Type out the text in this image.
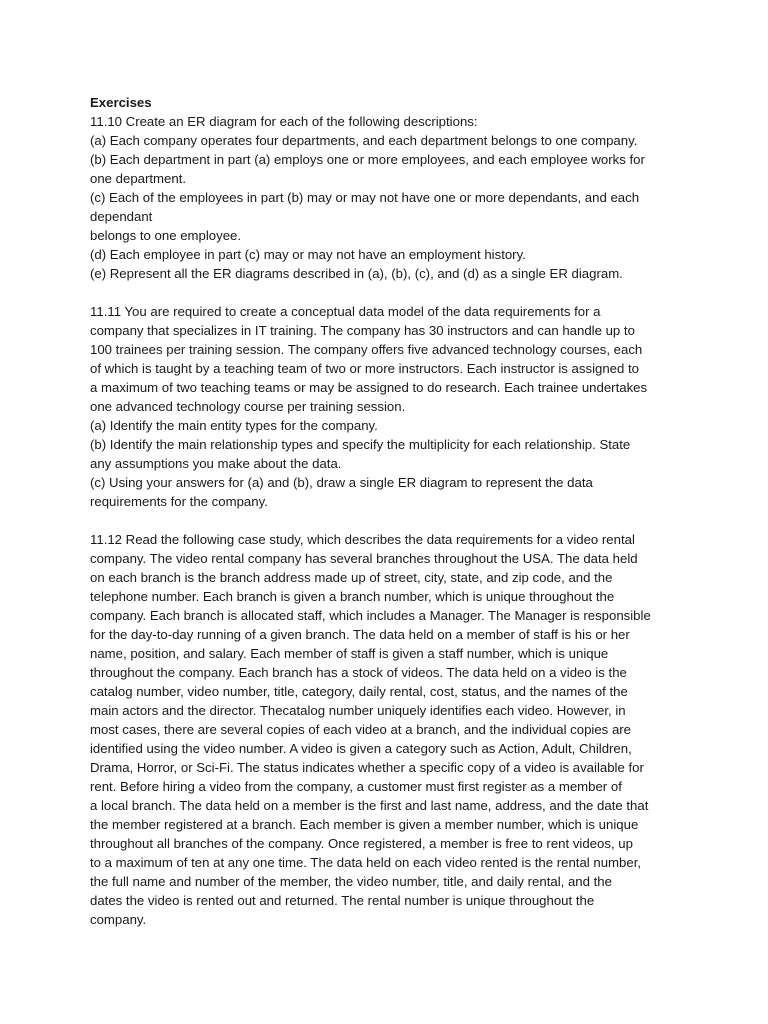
Exercises
11.10 Create an ER diagram for each of the following descriptions:
(a) Each company operates four departments, and each department belongs to one company.
(b) Each department in part (a) employs one or more employees, and each employee works for
one department.
(c) Each of the employees in part (b) may or may not have one or more dependants, and each
dependant
belongs to one employee.
(d) Each employee in part (c) may or may not have an employment history.
(e) Represent all the ER diagrams described in (a), (b), (c), and (d) as a single ER diagram.
11.11 You are required to create a conceptual data model of the data requirements for a
company that specializes in IT training. The company has 30 instructors and can handle up to
100 trainees per training session. The company offers five advanced technology courses, each
of which is taught by a teaching team of two or more instructors. Each instructor is assigned to
a maximum of two teaching teams or may be assigned to do research. Each trainee undertakes
one advanced technology course per training session.
(a) Identify the main entity types for the company.
(b) Identify the main relationship types and specify the multiplicity for each relationship. State
any assumptions you make about the data.
(c) Using your answers for (a) and (b), draw a single ER diagram to represent the data
requirements for the company.
11.12 Read the following case study, which describes the data requirements for a video rental
company. The video rental company has several branches throughout the USA. The data held
on each branch is the branch address made up of street, city, state, and zip code, and the
telephone number. Each branch is given a branch number, which is unique throughout the
company. Each branch is allocated staff, which includes a Manager. The Manager is responsible
for the day-to-day running of a given branch. The data held on a member of staff is his or her
name, position, and salary. Each member of staff is given a staff number, which is unique
throughout the company. Each branch has a stock of videos. The data held on a video is the
catalog number, video number, title, category, daily rental, cost, status, and the names of the
main actors and the director. Thecatalog number uniquely identifies each video. However, in
most cases, there are several copies of each video at a branch, and the individual copies are
identified using the video number. A video is given a category such as Action, Adult, Children,
Drama, Horror, or Sci-Fi. The status indicates whether a specific copy of a video is available for
rent. Before hiring a video from the company, a customer must first register as a member of
a local branch. The data held on a member is the first and last name, address, and the date that
the member registered at a branch. Each member is given a member number, which is unique
throughout all branches of the company. Once registered, a member is free to rent videos, up
to a maximum of ten at any one time. The data held on each video rented is the rental number,
the full name and number of the member, the video number, title, and daily rental, and the
dates the video is rented out and returned. The rental number is unique throughout the
company.
